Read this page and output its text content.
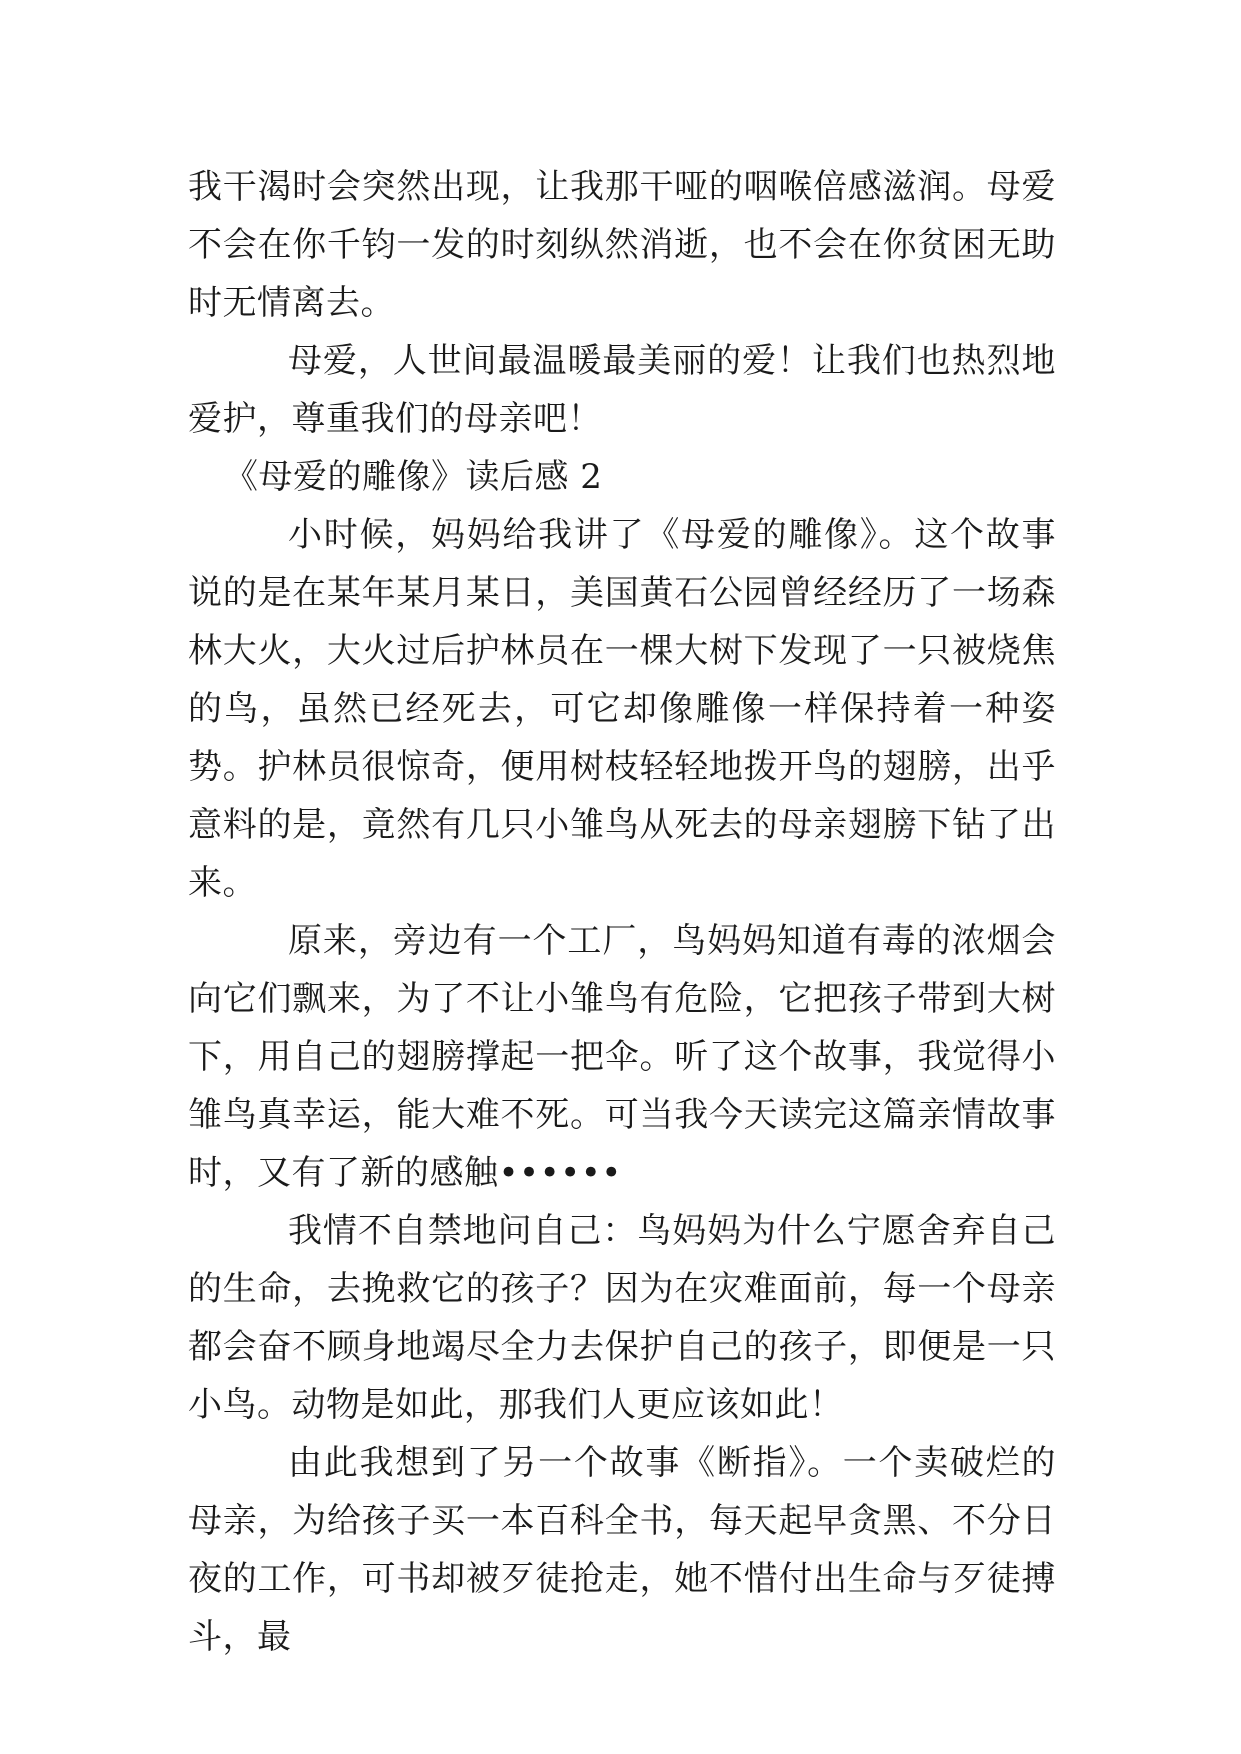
我干渴时会突然出现，让我那干哑的咽喉倍感滋润。母爱不会在你千钧一发的时刻纵然消逝，也不会在你贫困无助时无情离去。

母爱，人世间最温暖最美丽的爱！让我们也热烈地爱护，尊重我们的母亲吧！

《母爱的雕像》读后感 2

小时候，妈妈给我讲了《母爱的雕像》。这个故事说的是在某年某月某日，美国黄石公园曾经经历了一场森林大火，大火过后护林员在一棵大树下发现了一只被烧焦的鸟，虽然已经死去，可它却像雕像一样保持着一种姿势。护林员很惊奇，便用树枝轻轻地拨开鸟的翅膀，出乎意料的是，竟然有几只小雏鸟从死去的母亲翅膀下钻了出来。

原来，旁边有一个工厂，鸟妈妈知道有毒的浓烟会向它们飘来，为了不让小雏鸟有危险，它把孩子带到大树下，用自己的翅膀撑起一把伞。听了这个故事，我觉得小雏鸟真幸运，能大难不死。可当我今天读完这篇亲情故事时，又有了新的感触••••••

我情不自禁地问自己：鸟妈妈为什么宁愿舍弃自己的生命，去挽救它的孩子？因为在灾难面前，每一个母亲都会奋不顾身地竭尽全力去保护自己的孩子，即便是一只小鸟。动物是如此，那我们人更应该如此！

由此我想到了另一个故事《断指》。一个卖破烂的母亲，为给孩子买一本百科全书，每天起早贪黑、不分日夜的工作，可书却被歹徒抢走，她不惜付出生命与歹徒搏斗，最
